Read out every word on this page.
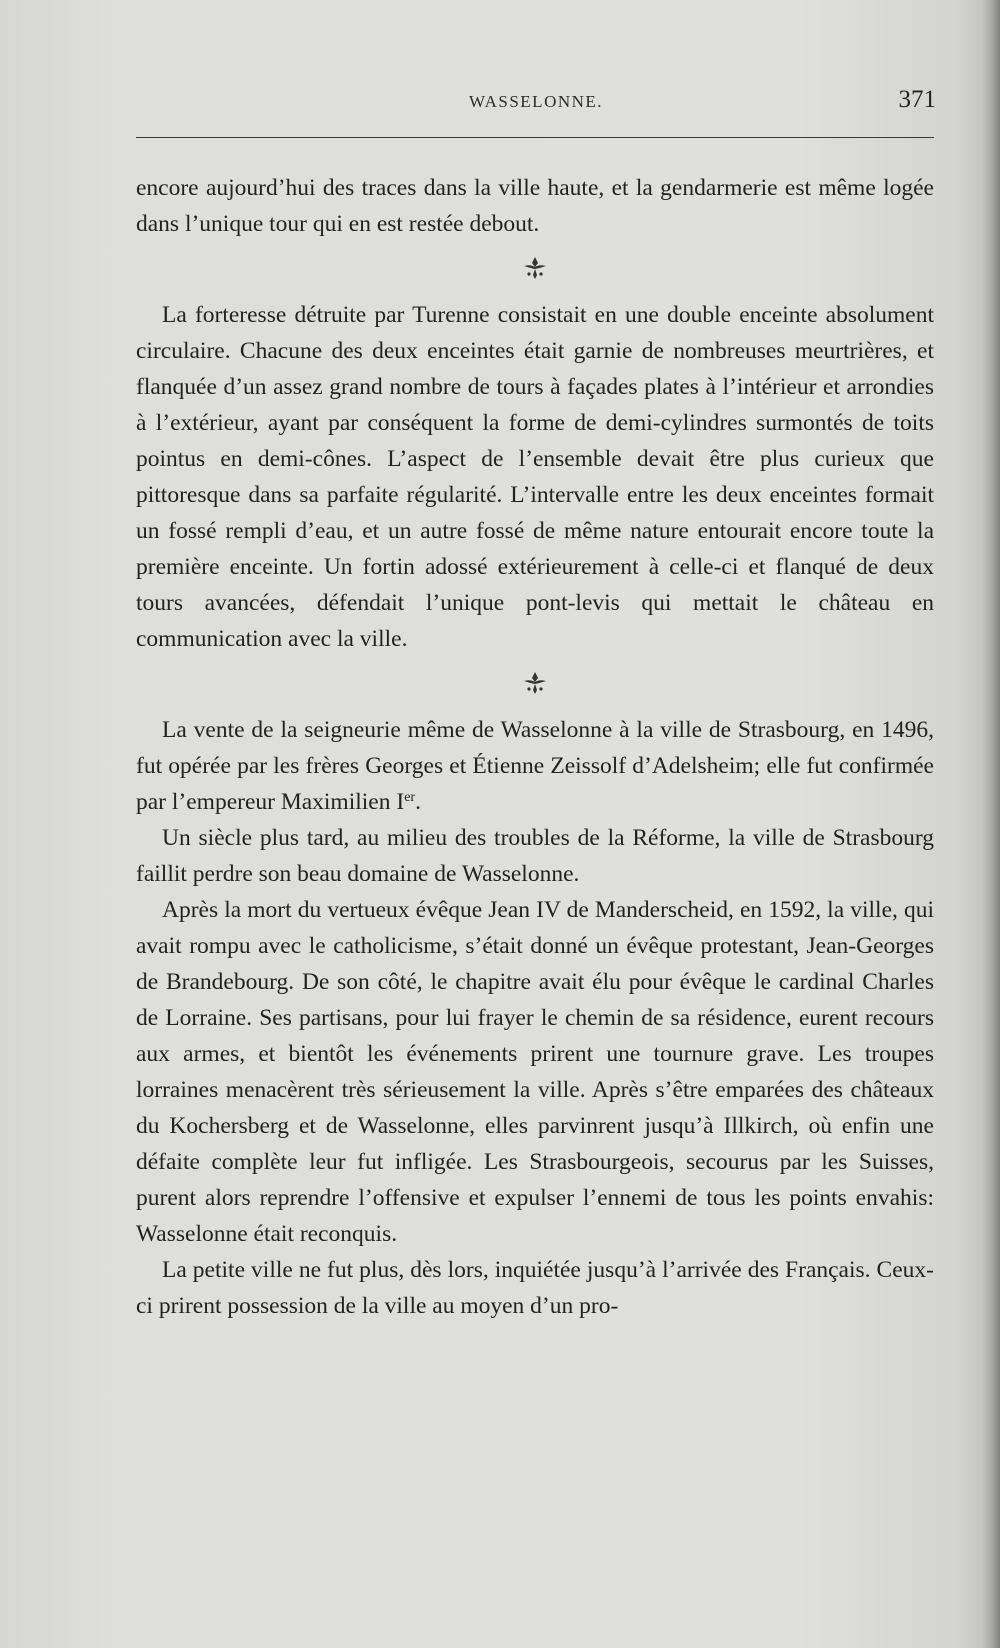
WASSELONNE.	371

encore aujourd’hui des traces dans la ville haute, et la gendarmerie est même logée dans l’unique tour qui en est restée debout.

La forteresse détruite par Turenne consistait en une double enceinte absolument circulaire. Chacune des deux enceintes était garnie de nombreuses meurtrières, et flanquée d’un assez grand nombre de tours à façades plates à l’intérieur et arrondies à l’extérieur, ayant par conséquent la forme de demi-cylindres surmontés de toits pointus en demi-cônes. L’aspect de l’ensemble devait être plus curieux que pittoresque dans sa parfaite régularité. L’intervalle entre les deux enceintes formait un fossé rempli d’eau, et un autre fossé de même nature entourait encore toute la première enceinte. Un fortin adossé extérieurement à celle-ci et flanqué de deux tours avancées, défendait l’unique pont-levis qui mettait le château en communication avec la ville.

La vente de la seigneurie même de Wasselonne à la ville de Strasbourg, en 1496, fut opérée par les frères Georges et Étienne Zeissolf d’Adelsheim; elle fut confirmée par l’empereur Maximilien Ier.

Un siècle plus tard, au milieu des troubles de la Réforme, la ville de Strasbourg faillit perdre son beau domaine de Wasselonne.

Après la mort du vertueux évêque Jean IV de Manderscheid, en 1592, la ville, qui avait rompu avec le catholicisme, s’était donné un évêque protestant, Jean-Georges de Brandebourg. De son côté, le chapitre avait élu pour évêque le cardinal Charles de Lorraine. Ses partisans, pour lui frayer le chemin de sa résidence, eurent recours aux armes, et bientôt les événements prirent une tournure grave. Les troupes lorraines menacèrent très sérieusement la ville. Après s’être emparées des châteaux du Kochersberg et de Wasselonne, elles parvinrent jusqu’à Illkirch, où enfin une défaite complète leur fut infligée. Les Strasbourgeois, secourus par les Suisses, purent alors reprendre l’offensive et expulser l’ennemi de tous les points envahis: Wasselonne était reconquis.

La petite ville ne fut plus, dès lors, inquiétée jusqu’à l’arrivée des Français. Ceux-ci prirent possession de la ville au moyen d’un pro-
